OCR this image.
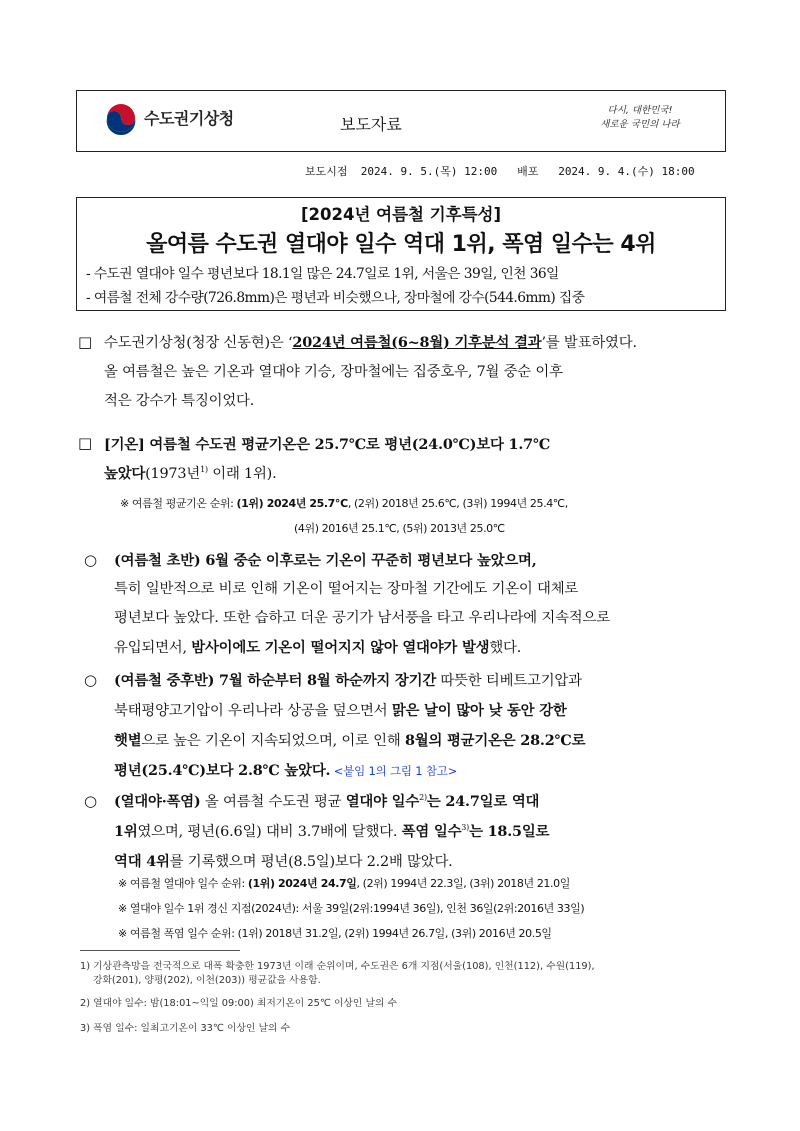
수도권기상청	보도자료
다시, 대한민국!
새로운 국민의 나라
보도시점  2024. 9. 5.(목) 12:00   배포   2024. 9. 4.(수) 18:00
[2024년 여름철 기후특성]
올여름 수도권 열대야 일수 역대 1위, 폭염 일수는 4위
- 수도권 열대야 일수 평년보다 18.1일 많은 24.7일로 1위, 서울은 39일, 인천 36일
- 여름철 전체 강수량(726.8mm)은 평년과 비슷했으나, 장마철에 강수(544.6mm) 집중
□ 수도권기상청(청장 신동현)은 ‘2024년 여름철(6~8월) 기후분석 결과’를 발표하였다.
올 여름철은 높은 기온과 열대야 기승, 장마철에는 집중호우, 7월 중순 이후
적은 강수가 특징이었다.
□ [기온] 여름철 수도권 평균기온은 25.7℃로 평년(24.0℃)보다 1.7℃
높았다(1973년$^{1)}$ 이래 1위).
※ 여름철 평균기온 순위: (1위) 2024년 25.7℃, (2위) 2018년 25.6℃, (3위) 1994년 25.4℃,
(4위) 2016년 25.1℃, (5위) 2013년 25.0℃
○ (여름철 초반) 6월 중순 이후로는 기온이 꾸준히 평년보다 높았으며,
특히 일반적으로 비로 인해 기온이 떨어지는 장마철 기간에도 기온이 대체로
평년보다 높았다. 또한 습하고 더운 공기가 남서풍을 타고 우리나라에 지속적으로
유입되면서, 밤사이에도 기온이 떨어지지 않아 열대야가 발생했다.
○ (여름철 중후반) 7월 하순부터 8월 하순까지 장기간 따뜻한 티베트고기압과
북태평양고기압이 우리나라 상공을 덮으면서 맑은 날이 많아 낮 동안 강한
햇볕으로 높은 기온이 지속되었으며, 이로 인해 8월의 평균기온은 28.2℃로
평년(25.4℃)보다 2.8℃ 높았다. <붙임 1의 그림 1 참고>
○ (열대야·폭염) 올 여름철 수도권 평균 열대야 일수$^{2)}$는 24.7일로 역대
1위였으며, 평년(6.6일) 대비 3.7배에 달했다. 폭염 일수$^{3)}$는 18.5일로
역대 4위를 기록했으며 평년(8.5일)보다 2.2배 많았다.
※ 여름철 열대야 일수 순위: (1위) 2024년 24.7일, (2위) 1994년 22.3일, (3위) 2018년 21.0일
※ 열대야 일수 1위 경신 지점(2024년): 서울 39일(2위:1994년 36일), 인천 36일(2위:2016년 33일)
※ 여름철 폭염 일수 순위: (1위) 2018년 31.2일, (2위) 1994년 26.7일, (3위) 2016년 20.5일
1) 기상관측망을 전국적으로 대폭 확충한 1973년 이래 순위이며, 수도권은 6개 지점(서울(108), 인천(112), 수원(119),
강화(201), 양평(202), 이천(203)) 평균값을 사용함.
2) 열대야 일수: 밤(18:01~익일 09:00) 최저기온이 25℃ 이상인 날의 수
3) 폭염 일수: 일최고기온이 33℃ 이상인 날의 수
